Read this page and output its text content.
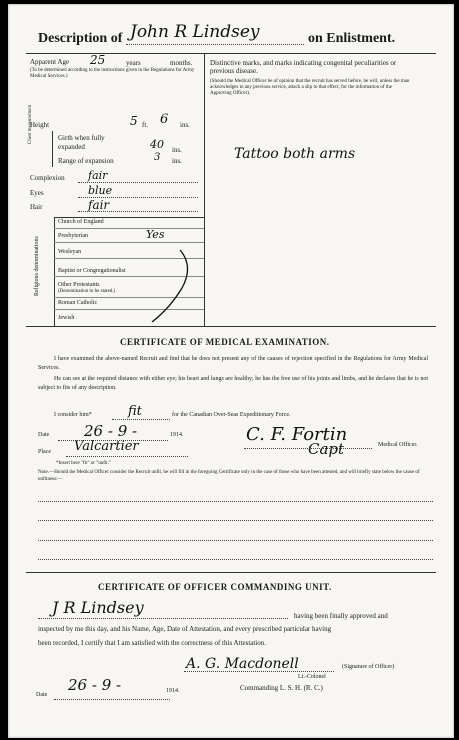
Description of John R Lindsey	on Enlistment.
Apparent Age 25	years	months.
(To be determined according to the instructions given in the Regulations for Army Medical Services.)
Height	5 ft. 6 ins.
Chest measurement	Girth when fully expanded	40 ins.
Range of expansion	3 ins.
Complexion fair
Eyes	blue
Hair	fair
Religious denominations
Church of England
Presbyterian	Yes
Wesleyan
Baptist or Congregationalist
Other Protestants
(Denomination to be stated.)
Roman Catholic
Jewish
Distinctive marks, and marks indicating congenital peculiarities or previous disease.
(Should the Medical Officer be of opinion that the recruit has served before, he will, unless the man acknowledges to any previous service, attach a slip to that effect, for the information of the Approving Officer).
Tattoo both arms
CERTIFICATE OF MEDICAL EXAMINATION.
I have examined the above-named Recruit and find that he does not present any of the causes of rejection specified in the Regulations for Army Medical Services.
He can see at the required distance with either eye; his heart and lungs are healthy; he has the free use of his joints and limbs, and he declares that he is not subject to fits of any description.
I consider him*	fit	for the Canadian Over-Seas Expeditionary Force.
Date 26 - 9 -	1914.
Place Valcartier
*Insert here "fit" or "unfit."
C. F. Fortin
Capt	Medical Officer.
Note.—Should the Medical Officer consider the Recruit unfit, he will fill in the foregoing Certificate only in the case of those who have been attested, and will briefly state below the cause of unfitness:—
CERTIFICATE OF OFFICER COMMANDING UNIT.
J R Lindsey	having been finally approved and
inspected by me this day, and his Name, Age, Date of Attestation, and every prescribed particular having
been recorded, I certify that I am satisfied with the correctness of this Attestation.
A. G. Macdonell	(Signature of Officer)
Lt.-Colonel
Commanding L. S. H. (R. C.)
Date
26 - 9 -	1914.
